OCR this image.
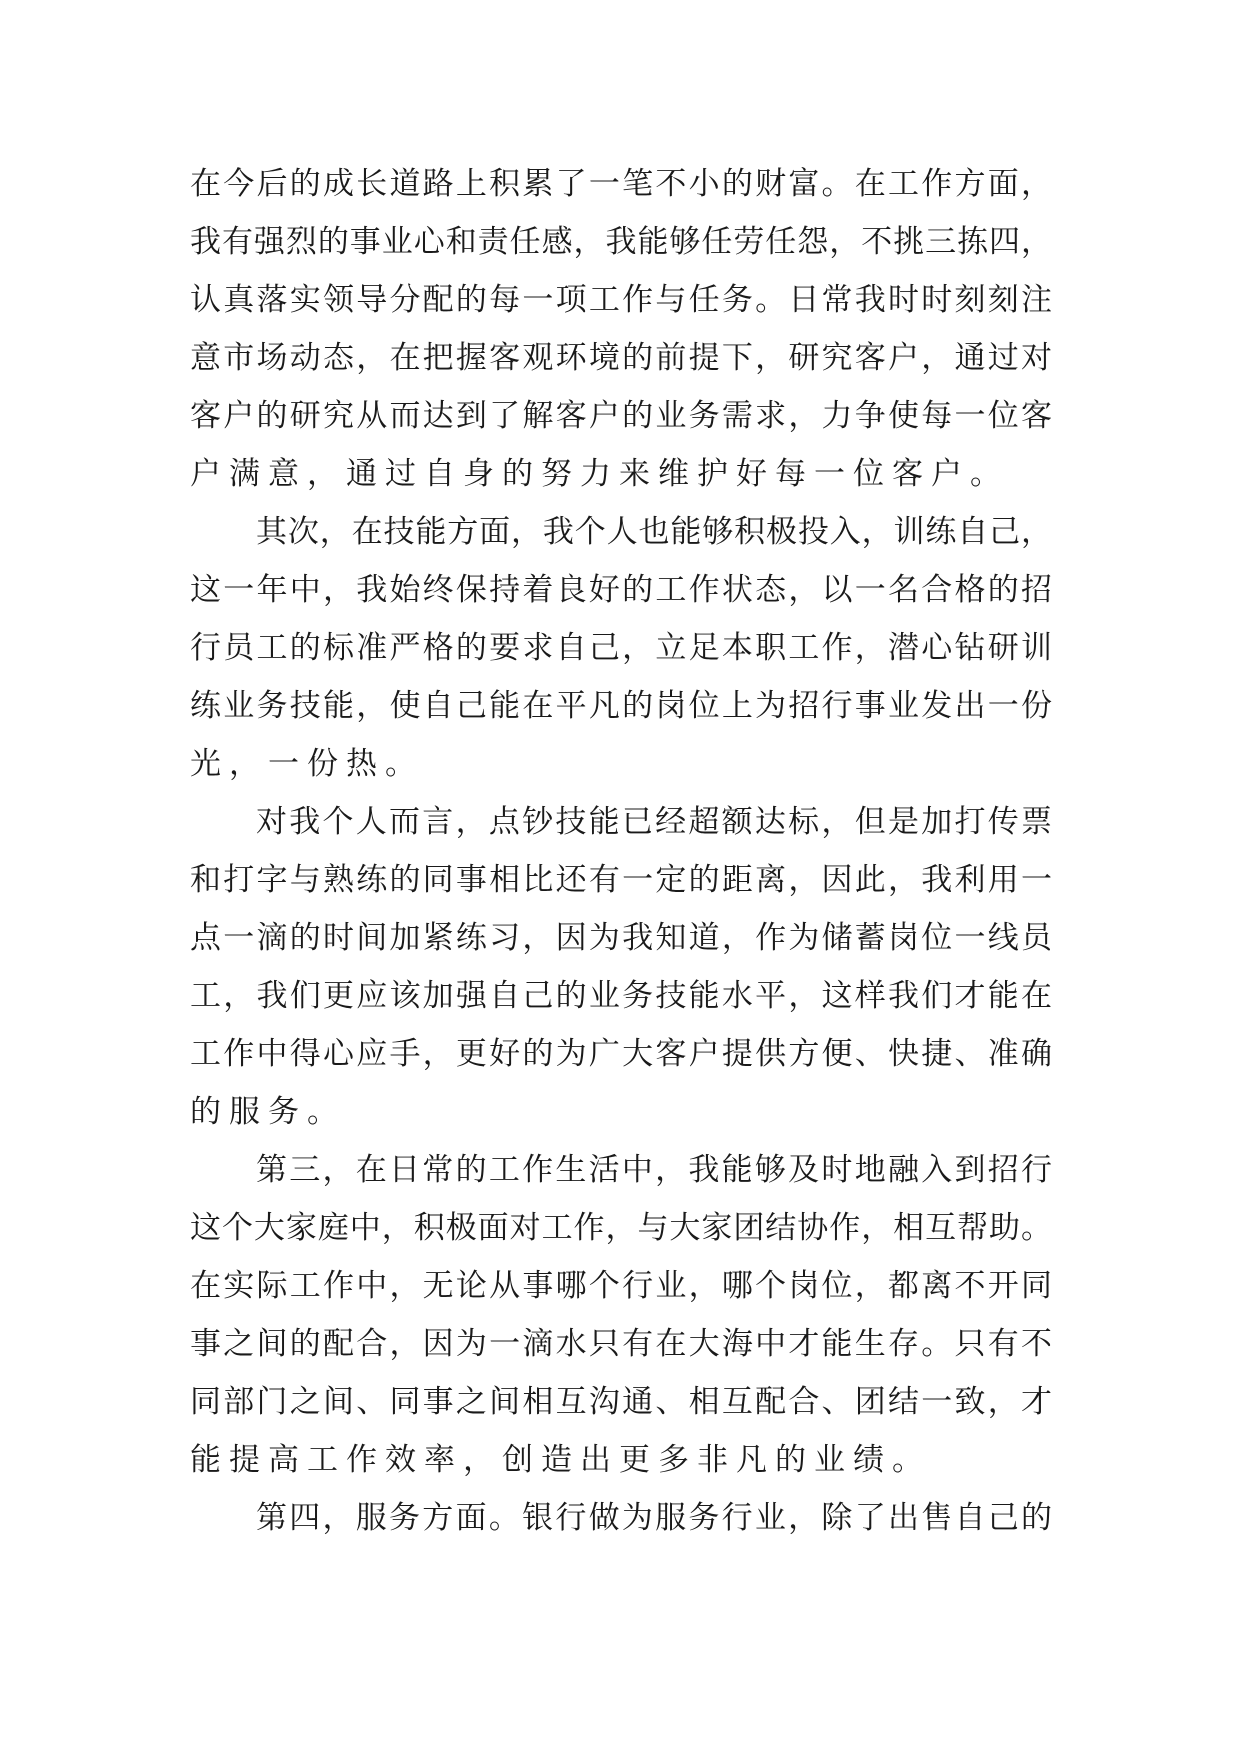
在今后的成长道路上积累了一笔不小的财富。在工作方面，
我有强烈的事业心和责任感，我能够任劳任怨，不挑三拣四，
认真落实领导分配的每一项工作与任务。日常我时时刻刻注
意市场动态，在把握客观环境的前提下，研究客户，通过对
客户的研究从而达到了解客户的业务需求，力争使每一位客
户满意，通过自身的努力来维护好每一位客户。
其次，在技能方面，我个人也能够积极投入，训练自己，
这一年中，我始终保持着良好的工作状态，以一名合格的招
行员工的标准严格的要求自己，立足本职工作，潜心钻研训
练业务技能，使自己能在平凡的岗位上为招行事业发出一份
光，一份热。
对我个人而言，点钞技能已经超额达标，但是加打传票
和打字与熟练的同事相比还有一定的距离，因此，我利用一
点一滴的时间加紧练习，因为我知道，作为储蓄岗位一线员
工，我们更应该加强自己的业务技能水平，这样我们才能在
工作中得心应手，更好的为广大客户提供方便、快捷、准确
的服务。
第三，在日常的工作生活中，我能够及时地融入到招行
这个大家庭中，积极面对工作，与大家团结协作，相互帮助。
在实际工作中，无论从事哪个行业，哪个岗位，都离不开同
事之间的配合，因为一滴水只有在大海中才能生存。只有不
同部门之间、同事之间相互沟通、相互配合、团结一致，才
能提高工作效率，创造出更多非凡的业绩。
第四，服务方面。银行做为服务行业，除了出售自己的
